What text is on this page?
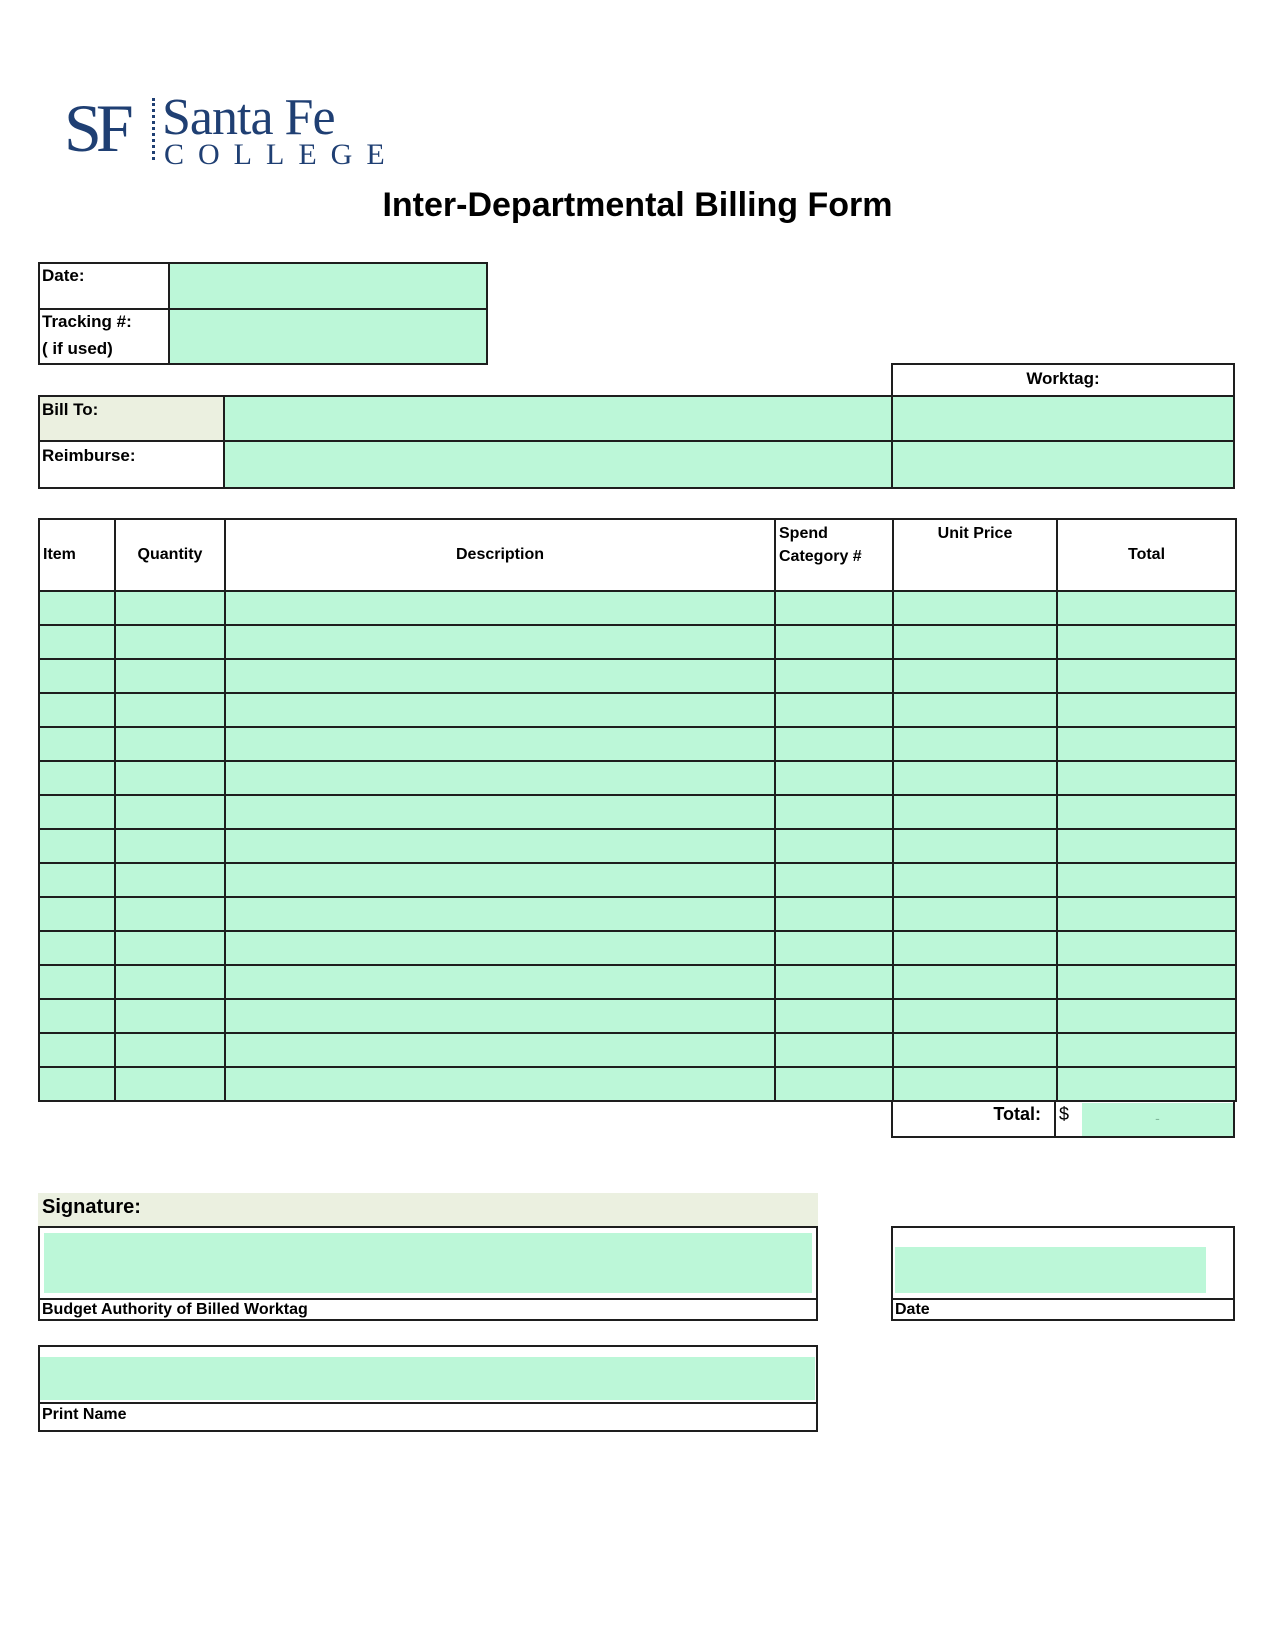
SF Santa Fe
COLLEGE
Inter-Departmental Billing Form
Date:
Tracking #:
( if used)
Worktag:
Bill To:
Reimburse:
Item	Quantity	Description	Spend Category #	Unit Price	Total

Total: $	-
Signature:
Budget Authority of Billed Worktag	Date
Print Name
